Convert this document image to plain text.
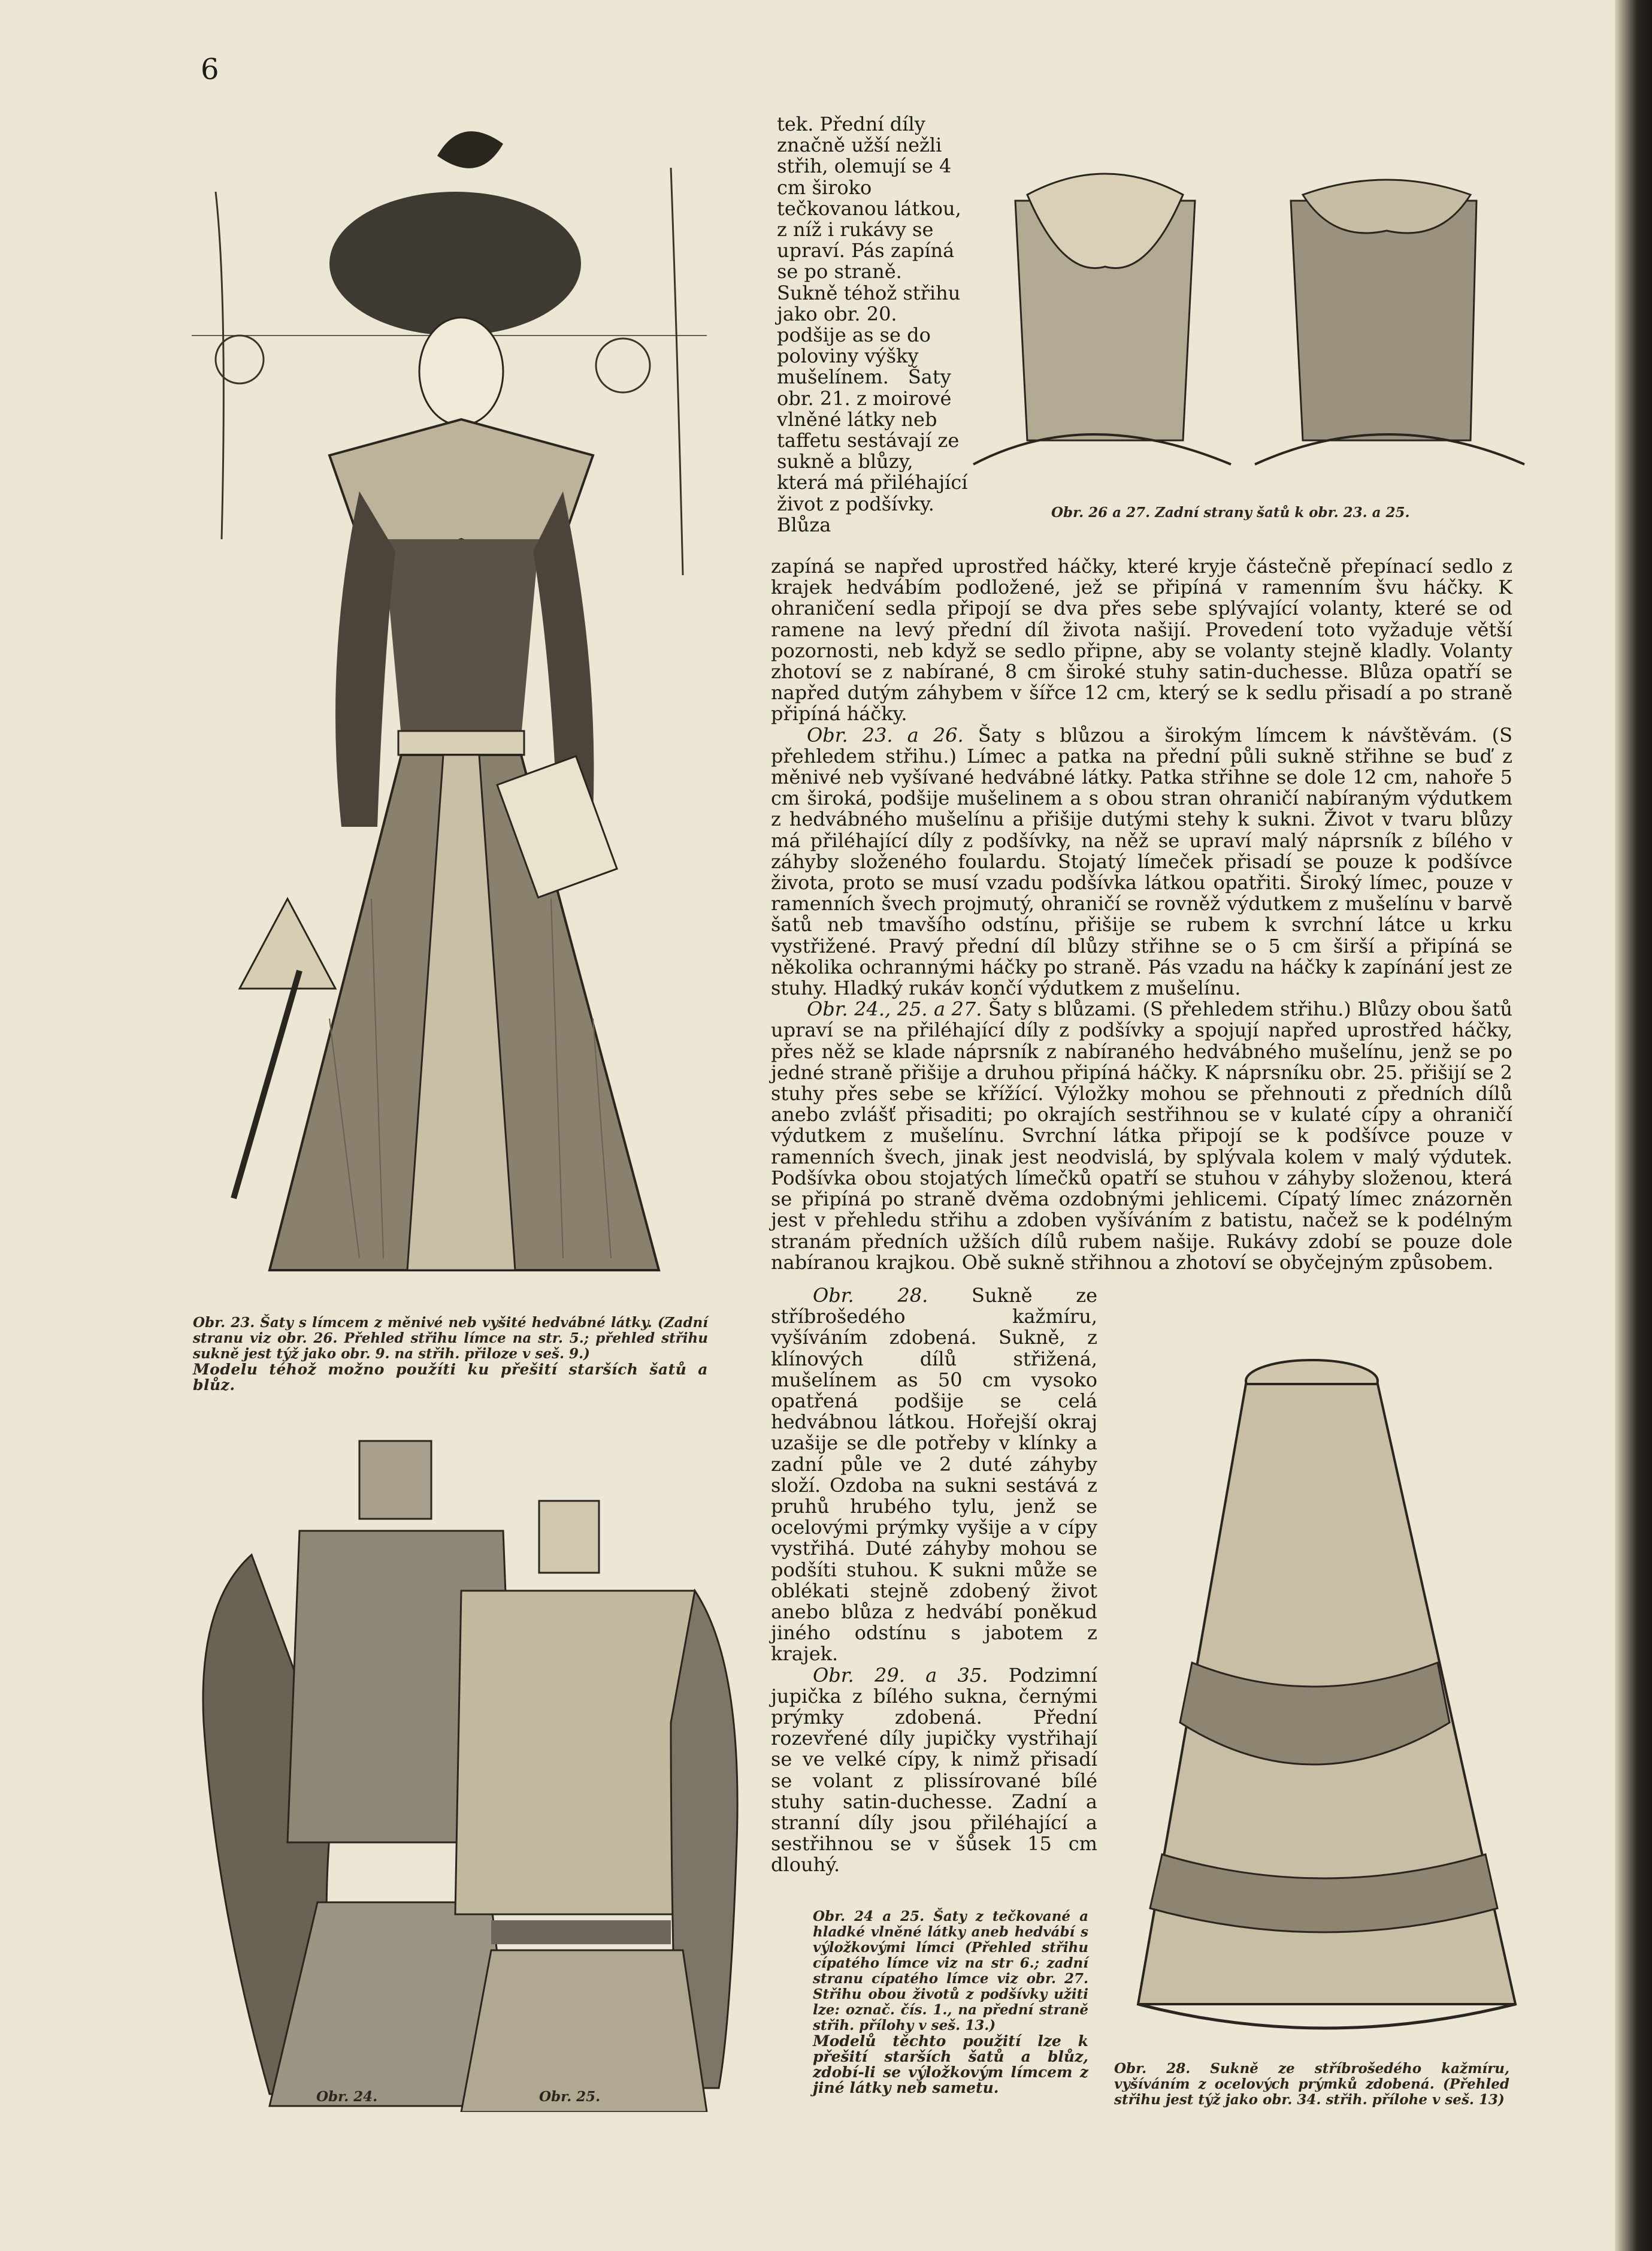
6

Obr. 23. Šaty s límcem z měnivé neb vyšité hedvábné látky. (Zadní stranu viz obr. 26. Přehled střihu límce na str. 5.; přehled střihu sukně jest týž jako obr. 9. na střih. přiloze v seš. 9.)

Modelu téhož možno použíti ku přešití starších šatů a blůz.

Obr. 24.	Obr. 25.
Obr. 26 a 27. Zadní strany šatů k obr. 23. a 25.
tek. Přední díly značně užší nežli střih, olemují se 4 cm široko tečkovanou látkou, z níž i rukávy se upraví. Pás zapíná se po straně. Sukně téhož střihu jako obr. 20. podšije as se do poloviny výšky mušelínem. Šaty obr. 21. z moirové vlněné látky neb taffetu sestávají ze sukně a blůzy, která má přiléhající život z podšívky. Blůza

zapíná se napřed uprostřed háčky, které kryje částečně přepínací sedlo z krajek hedvábím podložené, jež se připíná v ramenním švu háčky. K ohraničení sedla připojí se dva přes sebe splývající volanty, které se od ramene na levý přední díl života našijí. Provedení toto vyžaduje větší pozornosti, neb když se sedlo připne, aby se volanty stejně kladly. Volanty zhotoví se z nabírané, 8 cm široké stuhy satin-duchesse. Blůza opatří se napřed dutým záhybem v šířce 12 cm, který se k sedlu přisadí a po straně připíná háčky.

Obr. 23. a 26. Šaty s blůzou a širokým límcem k návštěvám. (S přehledem střihu.) Límec a patka na přední půli sukně střihne se buď z měnivé neb vyšívané hedvábné látky. Patka střihne se dole 12 cm, nahoře 5 cm široká, podšije mušelinem a s obou stran ohraničí nabíraným výdutkem z hedvábného mušelínu a přišije dutými stehy k sukni. Život v tvaru blůzy má přiléhající díly z podšívky, na něž se upraví malý náprsník z bílého v záhyby složeného foulardu. Stojatý límeček přisadí se pouze k podšívce života, proto se musí vzadu podšívka látkou opatřiti. Široký límec, pouze v ramenních švech projmutý, ohraničí se rovněž výdutkem z mušelínu v barvě šatů neb tmavšího odstínu, přišije se rubem k svrchní látce u krku vystřižené. Pravý přední díl blůzy střihne se o 5 cm širší a připíná se několika ochrannými háčky po straně. Pás vzadu na háčky k zapínání jest ze stuhy. Hladký rukáv končí výdutkem z mušelínu.

Obr. 24., 25. a 27. Šaty s blůzami. (S přehledem střihu.) Blůzy obou šatů upraví se na přiléhající díly z podšívky a spojují napřed uprostřed háčky, přes něž se klade náprsník z nabíraného hedvábného mušelínu, jenž se po jedné straně přišije a druhou připíná háčky. K náprsníku obr. 25. přišijí se 2 stuhy přes sebe se křížící. Výložky mohou se přehnouti z předních dílů anebo zvlášť přisaditi; po okrajích sestřihnou se v kulaté cípy a ohraničí výdutkem z mušelínu. Svrchní látka připojí se k podšívce pouze v ramenních švech, jinak jest neodvislá, by splývala kolem v malý výdutek. Podšívka obou stojatých límečků opatří se stuhou v záhyby složenou, která se připíná po straně dvěma ozdobnými jehlicemi. Cípatý límec znázorněn jest v přehledu střihu a zdoben vyšíváním z batistu, načež se k podélným stranám předních užších dílů rubem našije. Rukávy zdobí se pouze dole nabíranou krajkou. Obě sukně střihnou a zhotoví se obyčejným způsobem.

Obr. 28. Sukně ze stříbrošedého kažmíru, vyšíváním zdobená. Sukně, z klínových dílů střižená, mušelínem as 50 cm vysoko opatřená podšije se celá hedvábnou látkou. Hořejší okraj uzašije se dle potřeby v klínky a zadní půle ve 2 duté záhyby složí. Ozdoba na sukni sestává z pruhů hrubého tylu, jenž se ocelovými prýmky vyšije a v cípy vystřihá. Duté záhyby mohou se podšíti stuhou. K sukni může se oblékati stejně zdobený život anebo blůza z hedvábí poněkud jiného odstínu s jabotem z krajek.

Obr. 29. a 35. Podzimní jupička z bílého sukna, černými prýmky zdobená. Přední rozevřené díly jupičky vystřihají se ve velké cípy, k nimž přisadí se volant z plissírované bílé stuhy satin-duchesse. Zadní a stranní díly jsou přiléhající a sestřihnou se v šůsek 15 cm dlouhý.

Obr. 24 a 25. Šaty z tečkované a hladké vlněné látky aneb hedvábí s výložkovými límci (Přehled střihu cípatého límce viz na str 6.; zadní stranu cípatého límce viz obr. 27. Střihu obou životů z podšívky užiti lze: označ. čís. 1., na přední straně střih. přílohy v seš. 13.)

Modelů těchto použití lze k přešití starších šatů a blůz, zdobí-li se výložkovým límcem z jiné látky neb sametu.

Obr. 28. Sukně ze stříbrošedého kažmíru, vyšíváním z ocelových prýmků zdobená. (Přehled střihu jest týž jako obr. 34. střih. přílohe v seš. 13)
